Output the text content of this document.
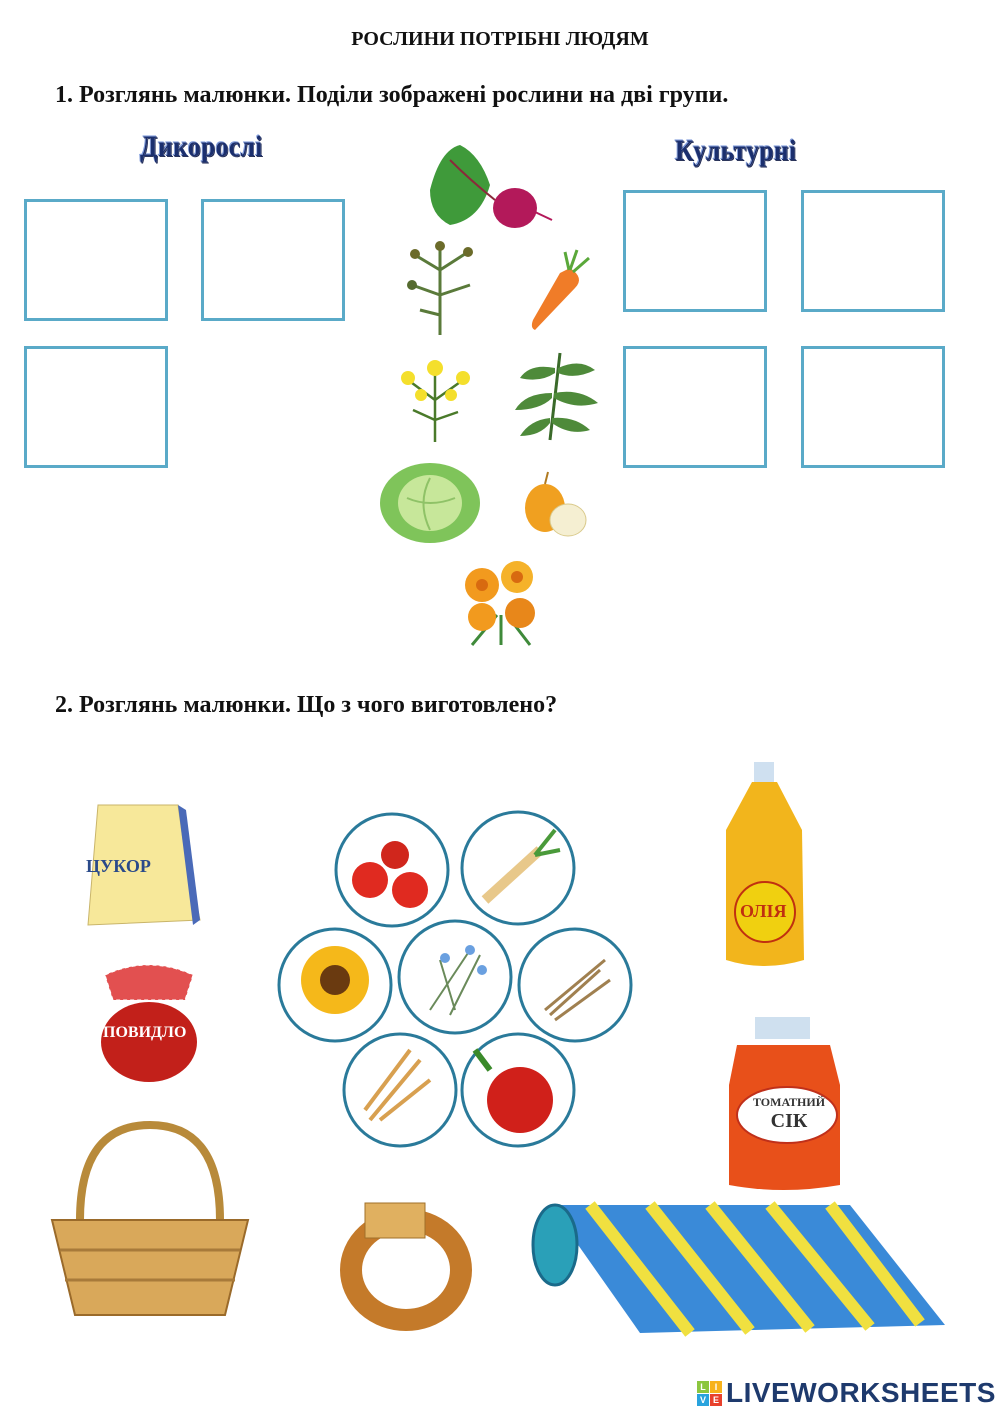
РОСЛИНИ ПОТРІБНІ ЛЮДЯМ
1. Розглянь малюнки. Поділи зображені рослини на дві групи.
Дикорослі	Культурні
2. Розглянь малюнки. Що з чого виготовлено?
ЦУКОР
ПОВИДЛО
ОЛІЯ
ТОМАТНИЙ
СІК
L I
V E LIVEWORKSHEETS
